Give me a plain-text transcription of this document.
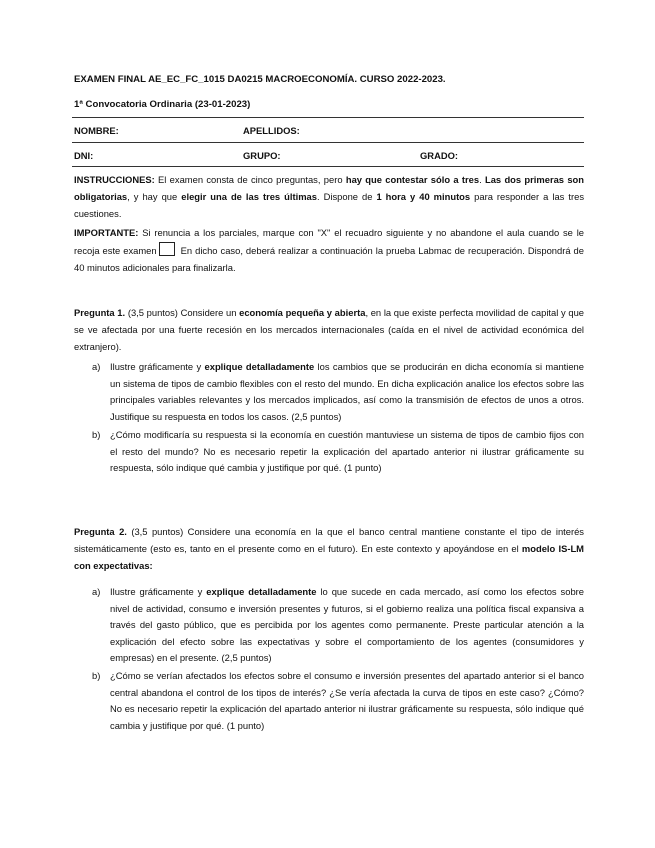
EXAMEN FINAL AE_EC_FC_1015 DA0215 MACROECONOMÍA. CURSO 2022-2023.
1ª Convocatoria Ordinaria (23-01-2023)
NOMBRE:	APELLIDOS:
DNI:	GRUPO:	GRADO:
INSTRUCCIONES: El examen consta de cinco preguntas, pero hay que contestar sólo a tres. Las dos primeras son obligatorias, y hay que elegir una de las tres últimas. Dispone de 1 hora y 40 minutos para responder a las tres cuestiones.
IMPORTANTE: Si renuncia a los parciales, marque con "X" el recuadro siguiente y no abandone el aula cuando se le recoja este examen En dicho caso, deberá realizar a continuación la prueba Labmac de recuperación. Dispondrá de 40 minutos adicionales para finalizarla.
Pregunta 1. (3,5 puntos) Considere un economía pequeña y abierta, en la que existe perfecta movilidad de capital y que se ve afectada por una fuerte recesión en los mercados internacionales (caída en el nivel de actividad económica del extranjero).
a) Ilustre gráficamente y explique detalladamente los cambios que se producirán en dicha economía si mantiene un sistema de tipos de cambio flexibles con el resto del mundo. En dicha explicación analice los efectos sobre las principales variables relevantes y los mercados implicados, así como la transmisión de efectos de unos a otros. Justifique su respuesta en todos los casos. (2,5 puntos)
b) ¿Cómo modificaría su respuesta si la economía en cuestión mantuviese un sistema de tipos de cambio fijos con el resto del mundo? No es necesario repetir la explicación del apartado anterior ni ilustrar gráficamente su respuesta, sólo indique qué cambia y justifique por qué. (1 punto)
Pregunta 2. (3,5 puntos) Considere una economía en la que el banco central mantiene constante el tipo de interés sistemáticamente (esto es, tanto en el presente como en el futuro). En este contexto y apoyándose en el modelo IS-LM con expectativas:
a) Ilustre gráficamente y explique detalladamente lo que sucede en cada mercado, así como los efectos sobre nivel de actividad, consumo e inversión presentes y futuros, si el gobierno realiza una política fiscal expansiva a través del gasto público, que es percibida por los agentes como permanente. Preste particular atención a la explicación del efecto sobre las expectativas y sobre el comportamiento de los agentes (consumidores y empresas) en el presente. (2,5 puntos)
b) ¿Cómo se verían afectados los efectos sobre el consumo e inversión presentes del apartado anterior si el banco central abandona el control de los tipos de interés? ¿Se vería afectada la curva de tipos en este caso? ¿Cómo? No es necesario repetir la explicación del apartado anterior ni ilustrar gráficamente su respuesta, sólo indique qué cambia y justifique por qué. (1 punto)
